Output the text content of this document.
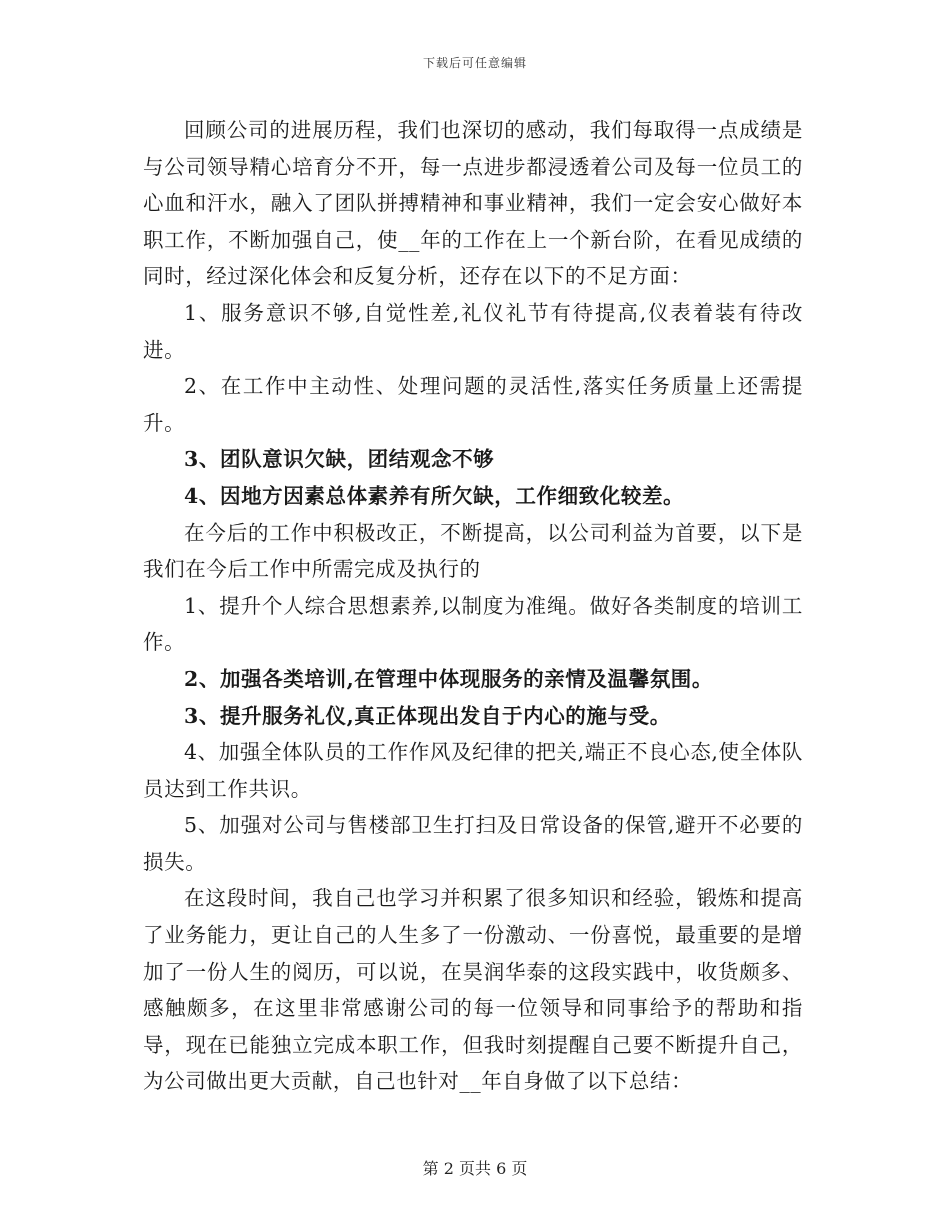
下载后可任意编辑

回顾公司的进展历程，我们也深切的感动，我们每取得一点成绩是与公司领导精心培育分不开，每一点进步都浸透着公司及每一位员工的心血和汗水，融入了团队拼搏精神和事业精神，我们一定会安心做好本职工作，不断加强自己，使__年的工作在上一个新台阶，在看见成绩的同时，经过深化体会和反复分析，还存在以下的不足方面：

1、服务意识不够,自觉性差,礼仪礼节有待提高,仪表着装有待改进。

2、在工作中主动性、处理问题的灵活性,落实任务质量上还需提升。

3、团队意识欠缺，团结观念不够

4、因地方因素总体素养有所欠缺，工作细致化较差。

在今后的工作中积极改正，不断提高，以公司利益为首要，以下是我们在今后工作中所需完成及执行的

1、提升个人综合思想素养,以制度为准绳。做好各类制度的培训工作。

2、加强各类培训,在管理中体现服务的亲情及温馨氛围。

3、提升服务礼仪,真正体现出发自于内心的施与受。

4、加强全体队员的工作作风及纪律的把关,端正不良心态,使全体队员达到工作共识。

5、加强对公司与售楼部卫生打扫及日常设备的保管,避开不必要的损失。

在这段时间，我自己也学习并积累了很多知识和经验，锻炼和提高了业务能力，更让自己的人生多了一份激动、一份喜悦，最重要的是增加了一份人生的阅历，可以说，在昊润华泰的这段实践中，收货颇多、感触颇多，在这里非常感谢公司的每一位领导和同事给予的帮助和指导，现在已能独立完成本职工作，但我时刻提醒自己要不断提升自己，为公司做出更大贡献，自己也针对__年自身做了以下总结：

第 2 页共 6 页
